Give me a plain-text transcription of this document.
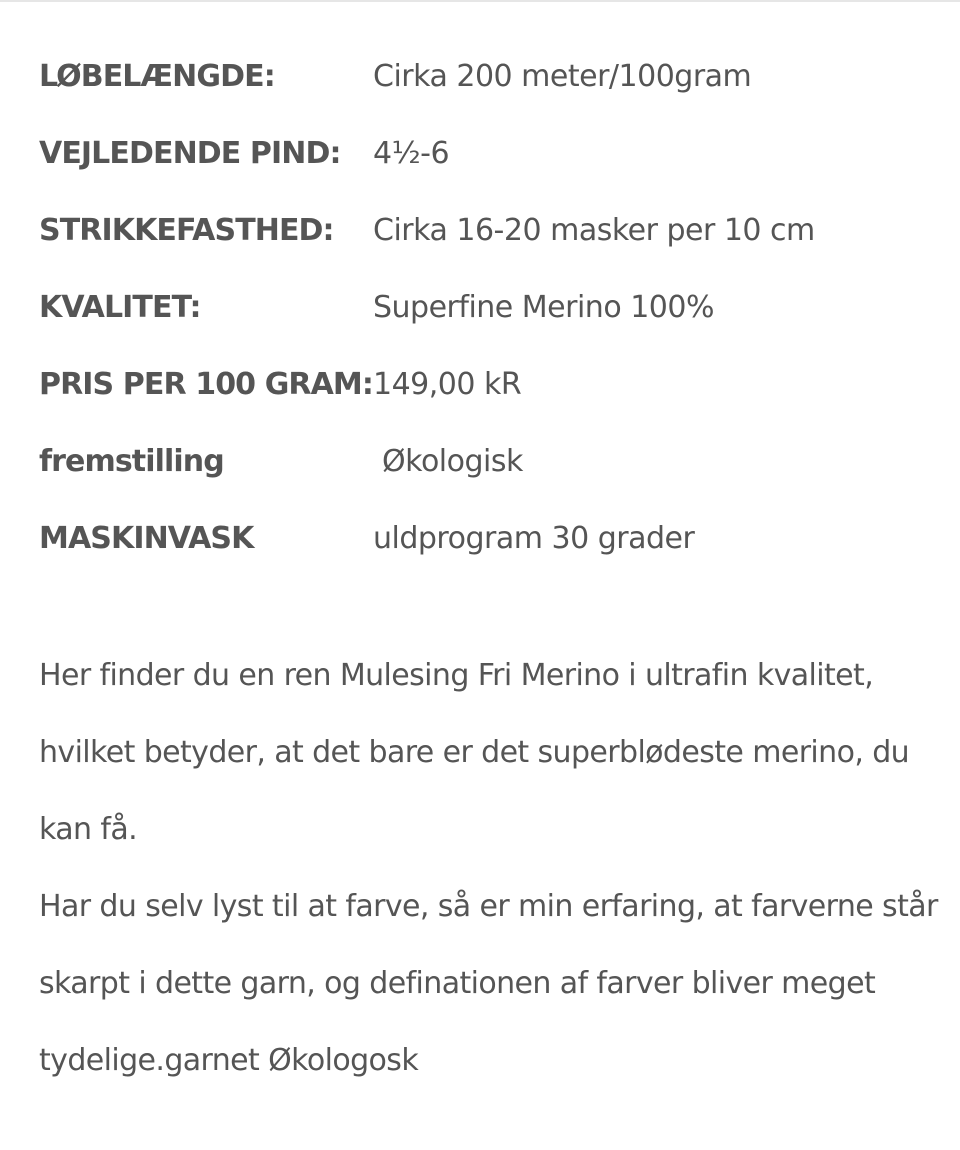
LØBELÆNGDE:	Cirka 200 meter/100gram
VEJLEDENDE PIND:	4½-6
STRIKKEFASTHED:	Cirka 16-20 masker per 10 cm
KVALITET:	Superfine Merino 100%
PRIS PER 100 GRAM:	149,00 kR
fremstilling	Økologisk
MASKINVASK	uldprogram 30 grader

Her finder du en ren Mulesing Fri Merino i ultrafin kvalitet, hvilket betyder, at det bare er det superblødeste merino, du kan få.

Har du selv lyst til at farve, så er min erfaring, at farverne står skarpt i dette garn, og definationen af farver bliver meget tydelige.garnet Økologosk
